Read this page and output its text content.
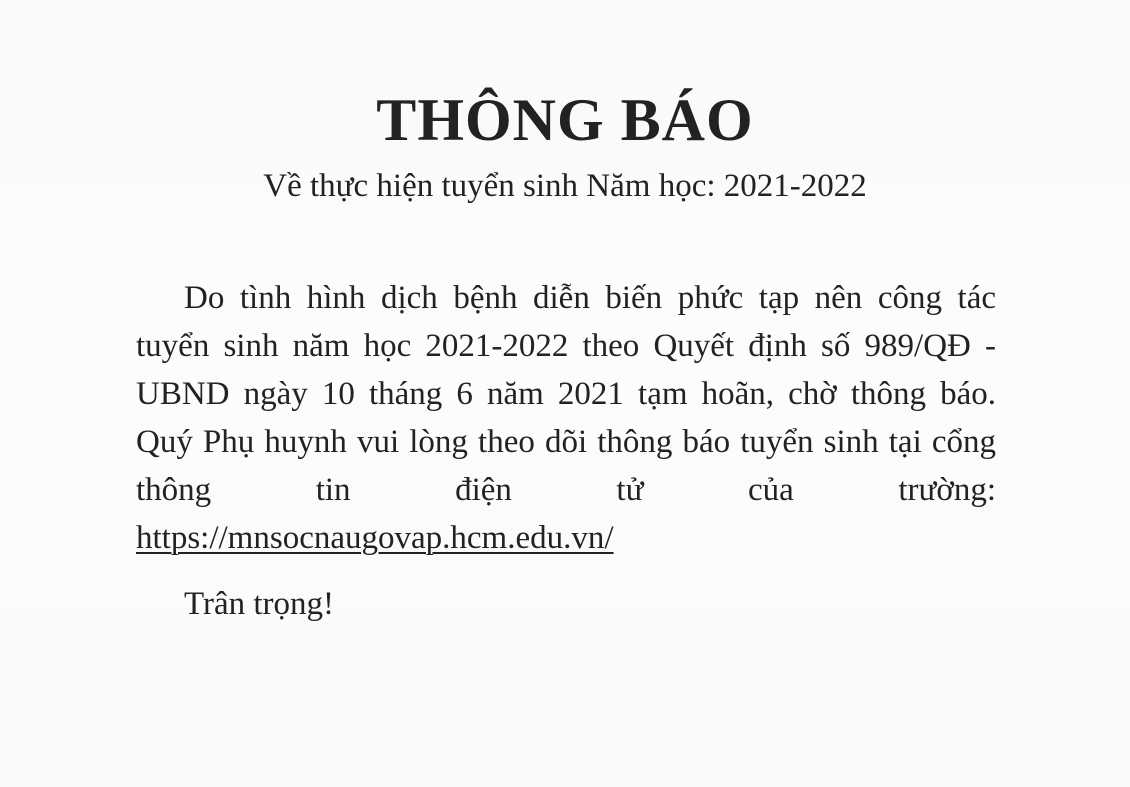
THÔNG BÁO
Về thực hiện tuyển sinh Năm học: 2021-2022
Do tình hình dịch bệnh diễn biến phức tạp nên công tác tuyển sinh năm học 2021-2022 theo Quyết định số 989/QĐ - UBND ngày 10 tháng 6 năm 2021 tạm hoãn, chờ thông báo. Quý Phụ huynh vui lòng theo dõi thông báo tuyển sinh tại cổng thông tin điện tử của trường: https://mnsocnaugovap.hcm.edu.vn/
Trân trọng!
